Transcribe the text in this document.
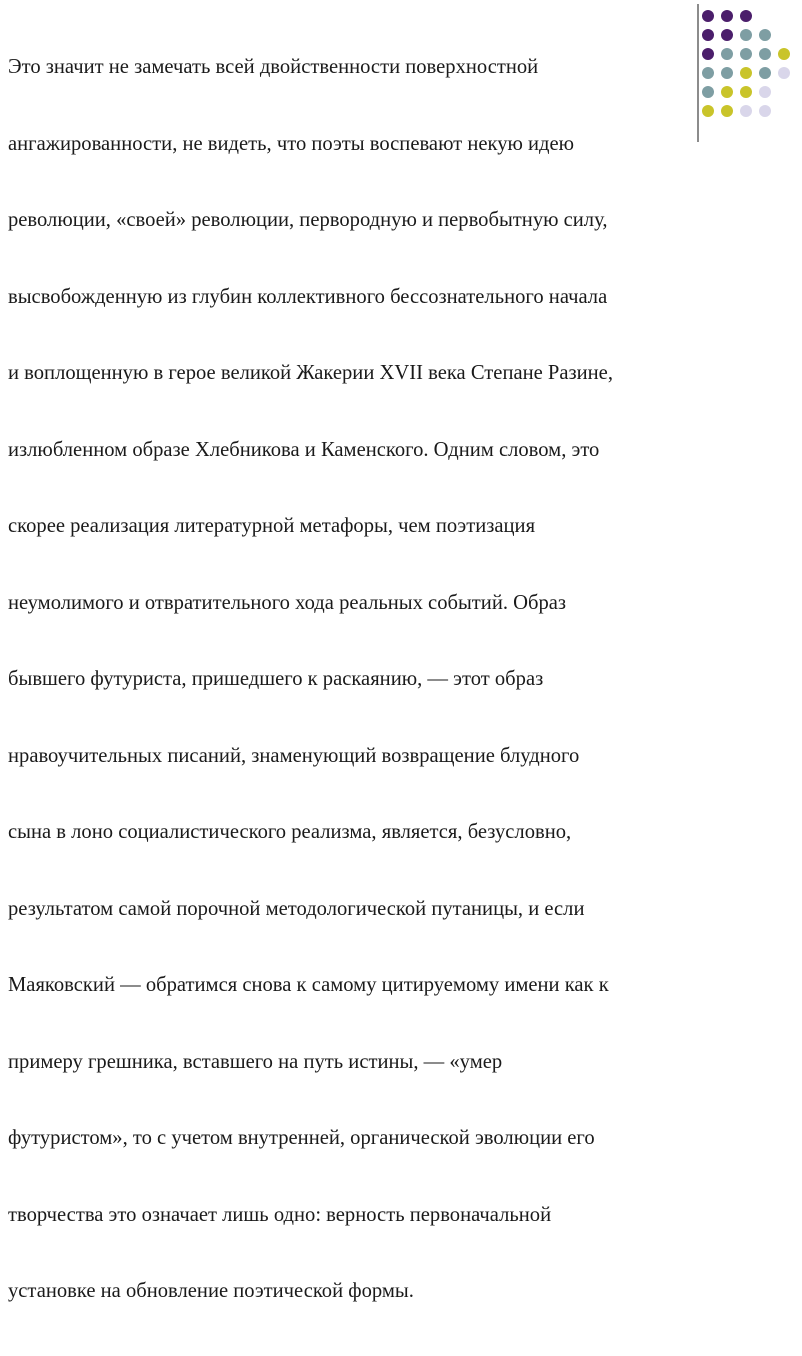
Это значит не замечать всей двойственности поверхностной

ангажированности, не видеть, что поэты воспевают некую идею

революции, «своей» революции, первородную и первобытную силу,

высвобожденную из глубин коллективного бессознательного начала

и воплощенную в герое великой Жакерии XVII века Степане Разине,

излюбленном образе Хлебникова и Каменского. Одним словом, это

скорее реализация литературной метафоры, чем поэтизация

неумолимого и отвратительного хода реальных событий. Образ

бывшего футуриста, пришедшего к раскаянию, — этот образ

нравоучительных писаний, знаменующий возвращение блудного

сына в лоно социалистического реализма, является, безусловно,

результатом самой порочной методологической путаницы, и если

Маяковский — обратимся снова к самому цитируемому имени как к

примеру грешника, вставшего на путь истины, — «умер

футуристом», то с учетом внутренней, органической эволюции его

творчества это означает лишь одно: верность первоначальной

установке на обновление поэтической формы.
